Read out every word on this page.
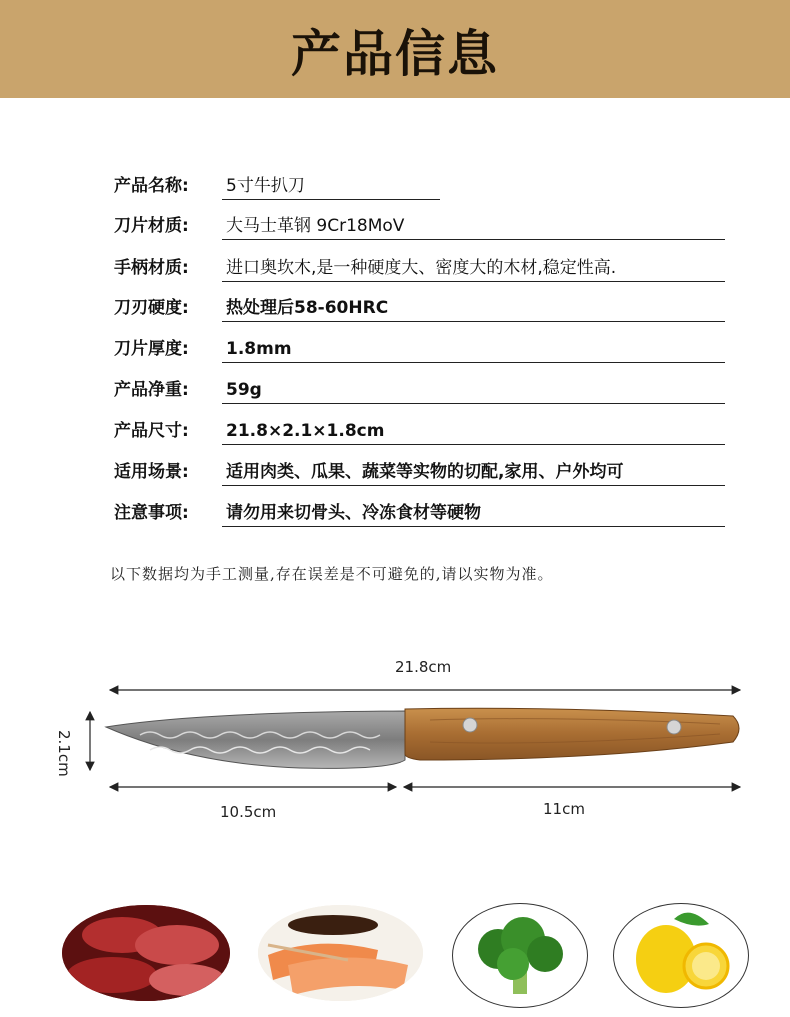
产品信息
产品名称: 5寸牛扒刀
刀片材质: 大马士革钢 9Cr18MoV
手柄材质: 进口奥坎木,是一种硬度大、密度大的木材,稳定性高.
刀刃硬度: 热处理后58-60HRC
刀片厚度: 1.8mm
产品净重: 59g
产品尺寸: 21.8×2.1×1.8cm
适用场景: 适用肉类、瓜果、蔬菜等实物的切配,家用、户外均可
注意事项: 请勿用来切骨头、冷冻食材等硬物
以下数据均为手工测量,存在误差是不可避免的,请以实物为准。
21.8cm
2.1cm
10.5cm	11cm
